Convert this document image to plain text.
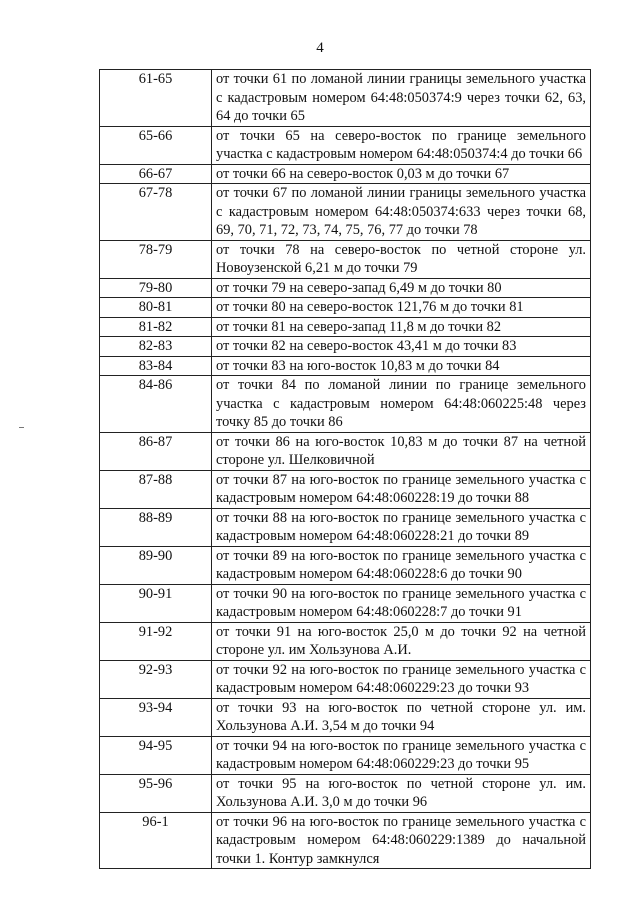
4
61-65	от точки 61 по ломаной линии границы земельного участка с кадастровым номером 64:48:050374:9 через точки 62, 63, 64 до точки 65
65-66	от точки 65 на северо-восток по границе земельного участка с кадастровым номером 64:48:050374:4 до точки 66
66-67	от точки 66 на северо-восток 0,03 м до точки 67
67-78	от точки 67 по ломаной линии границы земельного участка с кадастровым номером 64:48:050374:633 через точки 68, 69, 70, 71, 72, 73, 74, 75, 76, 77 до точки 78
78-79	от точки 78 на северо-восток по четной стороне ул. Новоузенской 6,21 м до точки 79
79-80	от точки 79 на северо-запад 6,49 м до точки 80
80-81	от точки 80 на северо-восток 121,76 м до точки 81
81-82	от точки 81 на северо-запад 11,8 м до точки 82
82-83	от точки 82 на северо-восток 43,41 м до точки 83
83-84	от точки 83 на юго-восток 10,83 м до точки 84
84-86	от точки 84 по ломаной линии по границе земельного участка с кадастровым номером 64:48:060225:48 через точку 85 до точки 86
86-87	от точки 86 на юго-восток 10,83 м до точки 87 на четной стороне ул. Шелковичной
87-88	от точки 87 на юго-восток по границе земельного участка с кадастровым номером 64:48:060228:19 до точки 88
88-89	от точки 88 на юго-восток по границе земельного участка с кадастровым номером 64:48:060228:21 до точки 89
89-90	от точки 89 на юго-восток по границе земельного участка с кадастровым номером 64:48:060228:6 до точки 90
90-91	от точки 90 на юго-восток по границе земельного участка с кадастровым номером 64:48:060228:7 до точки 91
91-92	от точки 91 на юго-восток 25,0 м до точки 92 на четной стороне ул. им Хользунова А.И.
92-93	от точки 92 на юго-восток по границе земельного участка с кадастровым номером 64:48:060229:23 до точки 93
93-94	от точки 93 на юго-восток по четной стороне ул. им. Хользунова А.И. 3,54 м до точки 94
94-95	от точки 94 на юго-восток по границе земельного участка с кадастровым номером 64:48:060229:23 до точки 95
95-96	от точки 95 на юго-восток по четной стороне ул. им. Хользунова А.И. 3,0 м до точки 96
96-1	от точки 96 на юго-восток по границе земельного участка с кадастровым номером 64:48:060229:1389 до начальной точки 1. Контур замкнулся
